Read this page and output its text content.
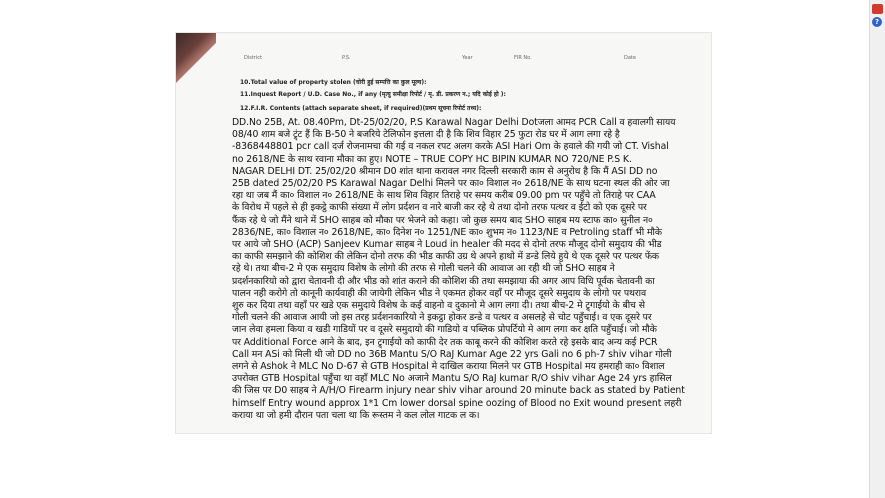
District	P.S.	Year	FIR No.	Date
10.Total value of property stolen (चोरी हुई सम्पत्ति का कुल मूल्य):
11.Inquest Report / U.D. Case No., if any (मृत्यु समीक्षा रिपोर्ट / मृ. डी. प्रकरण न.; यदि कोई हो ):
12.F.I.R. Contents (attach separate sheet, if required)(प्रथम सूचना रिपोर्ट तथ्य):
DD.No 25B, At. 08.40Pm, Dt-25/02/20, P.S Karawal Nagar Delhi Dotजला आमद PCR Call व हवालगी सायय
08/40 शाम बजे ट्र्ंट हैं कि B-50 ने बजरिये टेलिफोन इत्तला दी है कि शिव विहार 25 फुटा रोड घर में आग लगा रहे है
-8368448801 pcr call दर्ज रोजनामचा की गई व नकल रपट अलग करके ASI Hari Om के हवाले की गयी जो CT. Vishal
no 2618/NE के साथ रवाना मौका का हुए। NOTE – TRUE COPY HC BIPIN KUMAR NO 720/NE P.S K.
NAGAR DELHI DT. 25/02/20 श्रीमान D0 शांत थाना करावल नगर दिल्ली सरकारी काम से अनुरोध है कि मैं ASI DD no
25B dated 25/02/20 PS Karawal Nagar Delhi मिलने पर का० विशाल न० 2618/NE के साथ घटना स्थल की ओर जा
रहा था जब मैं का० विशाल न० 2618/NE के साथ शिव विहार तिराहे पर समय करीब 09.00 pm पर पहुँचे तो तिराहे पर CAA
के विरोध में पहले से ही इकट्ठे काफी संख्या में लोग प्रर्दशन व नारे बाजी कर रहे थे तथा दोनो तरफ पत्थर व ईटो को एक दूसरे पर
फैंक रहे थे जो मैंने थाने में SHO साहब को मौका पर भेजने को कहा। जो कुछ समय बाद SHO साहब मय स्टाफ का० सुनील न०
2836/NE, का० विशाल न० 2618/NE, का० दिनेश न० 1251/NE का० शुभम न० 1123/NE व Petroling staff भी मौके
पर आये जो SHO (ACP) Sanjeev Kumar साहब ने Loud in healer की मदद से दोनो तरफ मौजूद दोनो समुदाय की भीड
का काफी समझाने की कोशिश की लेकिन दोनो तरफ की भीड काफी उग्र थे अपने हाथो में डन्डे लिये हुये थे एक दूसरे पर पत्थर फेंक
रहे थे। तथा बीच-2 मे एक समुदाय विशेष के लोगो की तरफ से गोली चलने की आवाज आ रही थी जो SHO साहब ने
प्रदर्शनकारियो को द्वारा चेतावनी दी और भीड को शांत कराने की कोशिश की तथा समझाया की अगर आप विधि पूर्वक चेतावनी का
पालन नही करोगे तो कानूनी कार्यवाही की जायेगी लेकिन भीड ने एकमत होकर वहाँ पर मौजूद दूसरे समुदाय के लोगो पर पथराव
शुरु कर दिया तथा वहाँ पर खडे एक समुदाये विशेष के कई वाहनो व दुकानो मे आग लगा दी। तथा बीच-2 मे ट्र्गाईयो के बीच से
गोली चलने की आवाज आयी जो इस तरह प्रर्दशनकारियो ने इकट्ठा होकर डन्डे व पत्थर व असलहे से चोट पहुँचाई। व एक दूसरे पर
जान लेवा हमला किया व खडी गाडियों पर व दूसरे समुदायो की गाडियो व पब्लिक प्रोपर्टियो मे आग लगा कर क्षति पहुँचाई। जो मौके
पर Additional Force आने के बाद, इन ट्र्गाईयो को काफी देर तक काबू करने की कोशिश करते रहे इसके बाद अन्य कई PCR
Call मन ASi को मिली थी जो DD no 36B Mantu S/O RaJ Kumar Age 22 yrs Gali no 6 ph-7 shiv vihar गोली
लगने से Ashok ने MLC No D-67 से GTB Hospital मे दाखिल कराया मिलने पर GTB Hospital मय हमराही का० विशाल
उपरोक्त GTB Hospital पहुँचा था वहाँ MLC No अजाने Mantu S/O RaJ kumar R/O shiv vihar Age 24 yrs हासिल
की जिस पर D0 साहब ने A/H/O Firearm injury near shiv vihar around 20 minute back as stated by Patient
himself Entry wound approx 1*1 Cm lower dorsal spine oozing of Blood no Exit wound present लहरी
कराया था जो हमी दौरान पता चला था कि रूस्तम ने कल लोल गाटक ल क।
?
